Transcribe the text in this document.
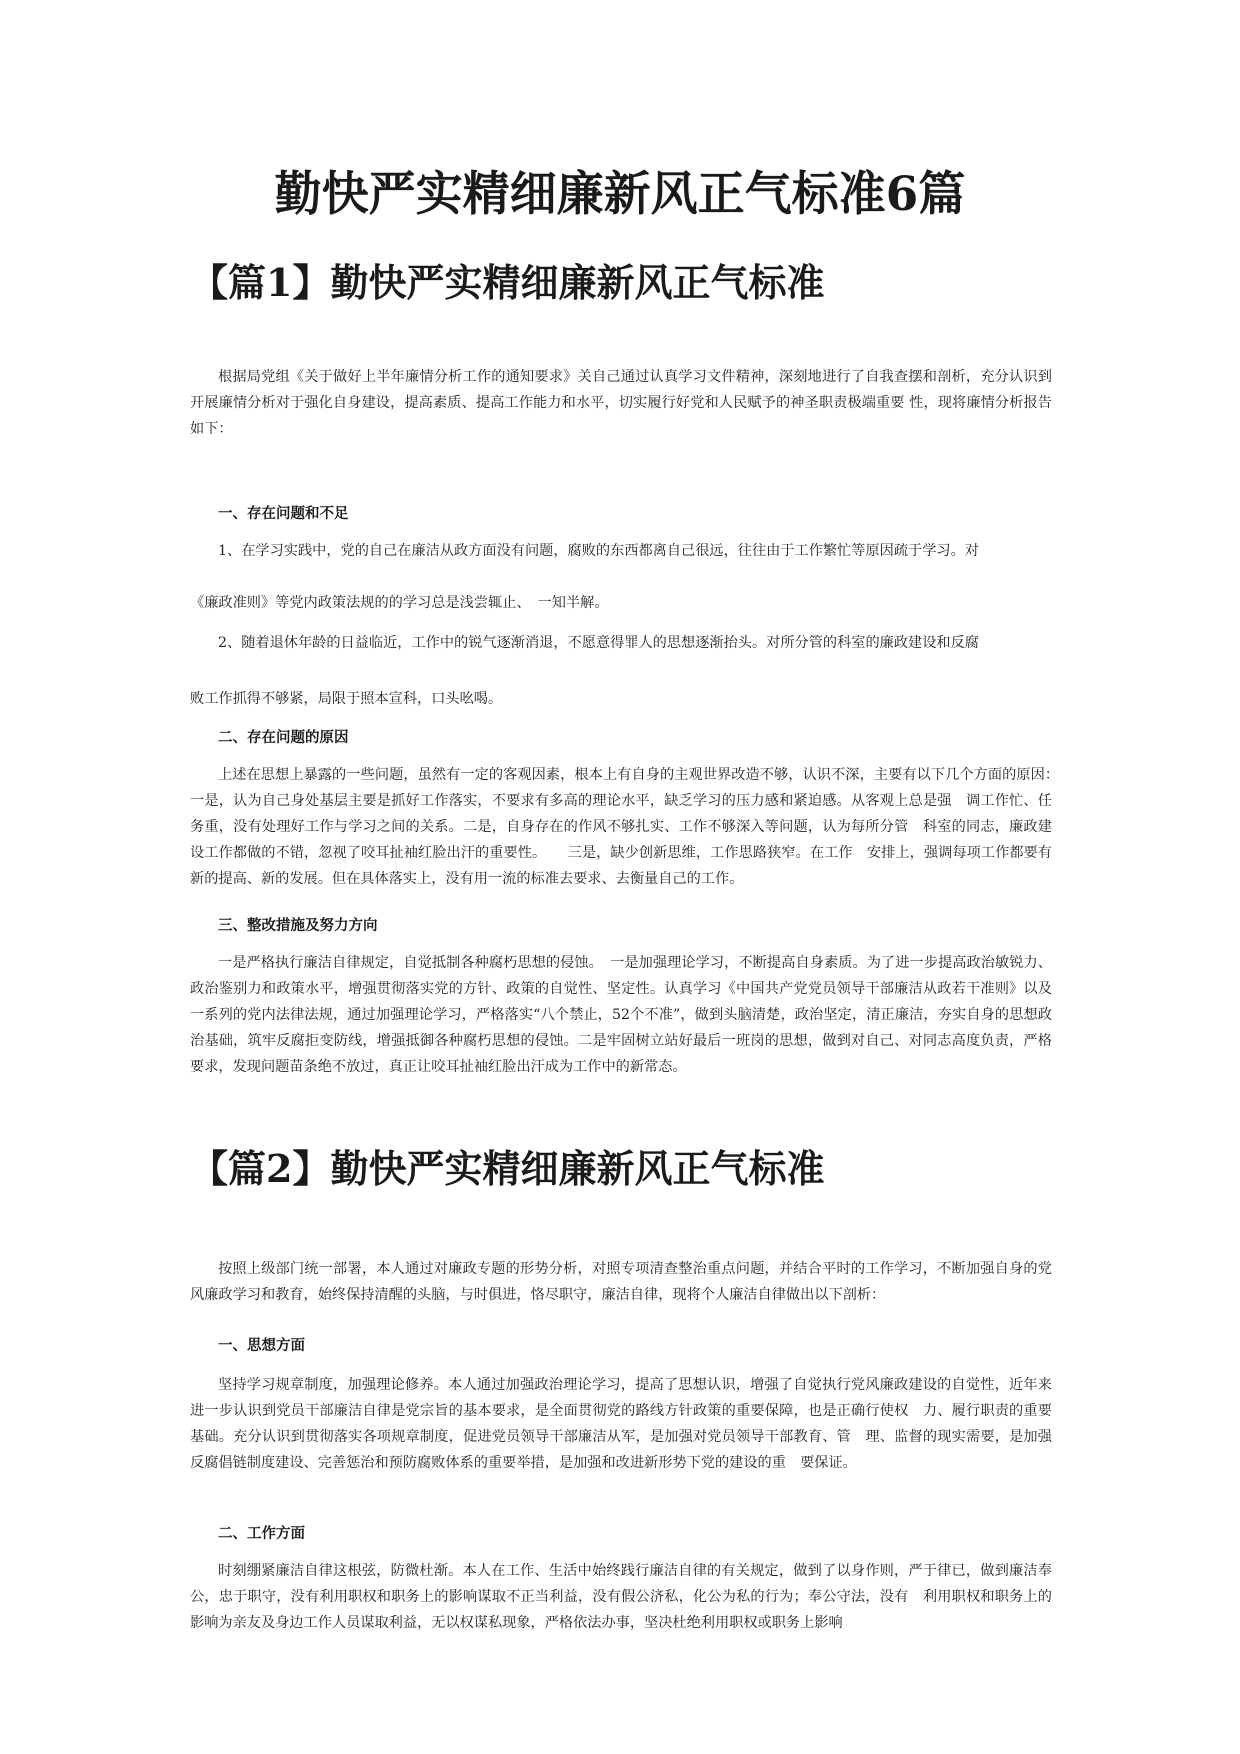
勤快严实精细廉新风正气标准6篇
【篇1】勤快严实精细廉新风正气标准

根据局党组《关于做好上半年廉情分析工作的通知要求》关自己通过认真学习文件精神，深刻地进行了自我查摆和剖析，充分认识到开展廉情分析对于强化自身建设，提高素质、提高工作能力和水平，切实履行好党和人民赋予的神圣职责极端重要 性，现将廉情分析报告如下：

一、存在问题和不足

1、在学习实践中，党的自己在廉洁从政方面没有问题，腐败的东西都离自己很远，往往由于工作繁忙等原因疏于学习。对

《廉政准则》等党内政策法规的的学习总是浅尝辄止、　一知半解。

2、随着退休年龄的日益临近，工作中的锐气逐渐消退，不愿意得罪人的思想逐渐抬头。对所分管的科室的廉政建设和反腐

败工作抓得不够紧，局限于照本宣科，口头吆喝。

二、存在问题的原因

上述在思想上暴露的一些问题，虽然有一定的客观因素，根本上有自身的主观世界改造不够，认识不深，主要有以下几个方面的原因：　一是，认为自己身处基层主要是抓好工作落实，不要求有多高的理论水平，缺乏学习的压力感和紧迫感。从客观上总是强　调工作忙、任务重，没有处理好工作与学习之间的关系。二是，自身存在的作风不够扎实、工作不够深入等问题，认为每所分管　科室的同志，廉政建设工作都做的不错，忽视了咬耳扯袖红脸出汗的重要性。　　三是，缺少创新思维，工作思路狭窄。在工作　安排上，强调每项工作都要有新的提高、新的发展。但在具体落实上，没有用一流的标准去要求、去衡量自己的工作。

三、整改措施及努力方向

一是严格执行廉洁自律规定，自觉抵制各种腐朽思想的侵蚀。　一是加强理论学习，不断提高自身素质。为了进一步提高政治敏锐力、政治鉴别力和政策水平，增强贯彻落实党的方针、政策的自觉性、坚定性。认真学习《中国共产党党员领导干部廉洁从政若干准则》以及一系列的党内法律法规，通过加强理论学习，严格落实“八个禁止，52个不准”，做到头脑清楚，政治坚定，清正廉洁，夯实自身的思想政治基础，筑牢反腐拒变防线，增强抵御各种腐朽思想的侵蚀。二是牢固树立站好最后一班岗的思想，做到对自己、对同志高度负责，严格要求，发现问题苗条绝不放过，真正让咬耳扯袖红脸出汗成为工作中的新常态。

【篇2】勤快严实精细廉新风正气标准

按照上级部门统一部署，本人通过对廉政专题的形势分析，对照专项清查整治重点问题，并结合平时的工作学习，不断加强自身的党风廉政学习和教育，始终保持清醒的头脑，与时俱进，恪尽职守，廉洁自律，现将个人廉洁自律做出以下剖析：

一、思想方面

坚持学习规章制度，加强理论修养。本人通过加强政治理论学习，提高了思想认识，增强了自觉执行党风廉政建设的自觉性，近年来进一步认识到党员干部廉洁自律是党宗旨的基本要求，是全面贯彻党的路线方针政策的重要保障，也是正确行使权　力、履行职责的重要基础。充分认识到贯彻落实各项规章制度，促进党员领导干部廉洁从军，是加强对党员领导干部教育、管　理、监督的现实需要，是加强反腐倡链制度建设、完善惩治和预防腐败体系的重要举措，是加强和改进新形势下党的建设的重　要保证。

二、工作方面

时刻绷紧廉洁自律这根弦，防微杜渐。本人在工作、生活中始终践行廉洁自律的有关规定，做到了以身作则，严于律已，做到廉洁奉公，忠于职守，没有利用职权和职务上的影响谋取不正当利益，没有假公济私，化公为私的行为；奉公守法，没有　利用职权和职务上的影响为亲友及身边工作人员谋取利益，无以权谋私现象，严格依法办事，坚决杜绝利用职权或职务上影响
